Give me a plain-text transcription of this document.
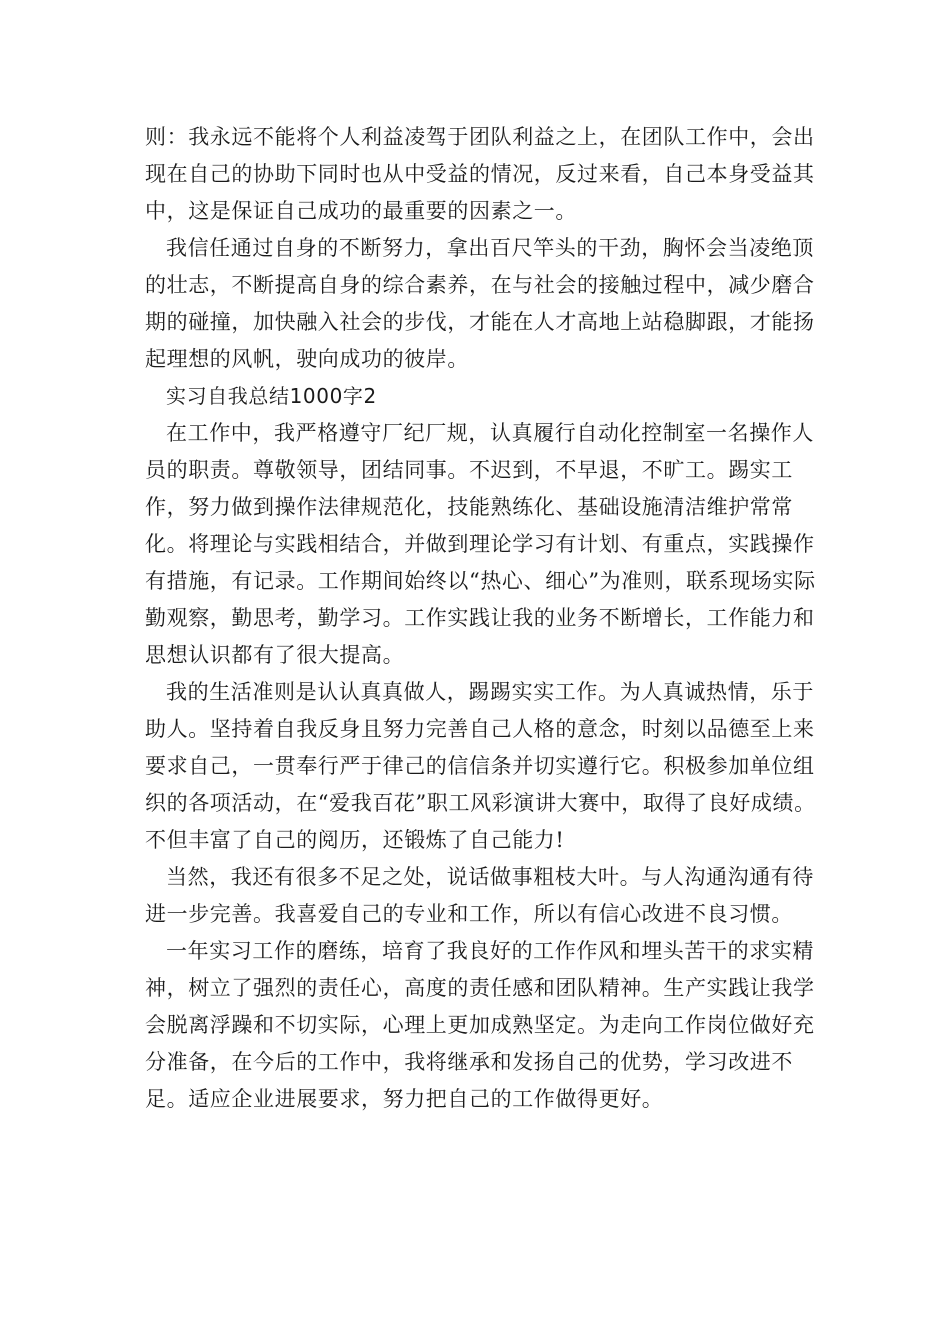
则：我永远不能将个人利益凌驾于团队利益之上，在团队工作中，会出现在自己的协助下同时也从中受益的情况，反过来看，自己本身受益其中，这是保证自己成功的最重要的因素之一。

我信任通过自身的不断努力，拿出百尺竿头的干劲，胸怀会当凌绝顶的壮志，不断提高自身的综合素养，在与社会的接触过程中，减少磨合期的碰撞，加快融入社会的步伐，才能在人才高地上站稳脚跟，才能扬起理想的风帆，驶向成功的彼岸。

实习自我总结1000字2

在工作中，我严格遵守厂纪厂规，认真履行自动化控制室一名操作人员的职责。尊敬领导，团结同事。不迟到，不早退，不旷工。踢实工作，努力做到操作法律规范化，技能熟练化、基础设施清洁维护常常化。将理论与实践相结合，并做到理论学习有计划、有重点，实践操作有措施，有记录。工作期间始终以“热心、细心”为准则，联系现场实际勤观察，勤思考，勤学习。工作实践让我的业务不断增长，工作能力和思想认识都有了很大提高。

我的生活准则是认认真真做人，踢踢实实工作。为人真诚热情，乐于助人。坚持着自我反身且努力完善自己人格的意念，时刻以品德至上来要求自己，一贯奉行严于律己的信信条并切实遵行它。积极参加单位组织的各项活动，在“爱我百花”职工风彩演讲大赛中，取得了良好成绩。不但丰富了自己的阅历，还锻炼了自己能力!

当然，我还有很多不足之处，说话做事粗枝大叶。与人沟通沟通有待进一步完善。我喜爱自己的专业和工作，所以有信心改进不良习惯。

一年实习工作的磨练，培育了我良好的工作作风和埋头苦干的求实精神，树立了强烈的责任心，高度的责任感和团队精神。生产实践让我学会脱离浮躁和不切实际，心理上更加成熟坚定。为走向工作岗位做好充分准备，在今后的工作中，我将继承和发扬自己的优势，学习改进不足。适应企业进展要求，努力把自己的工作做得更好。
